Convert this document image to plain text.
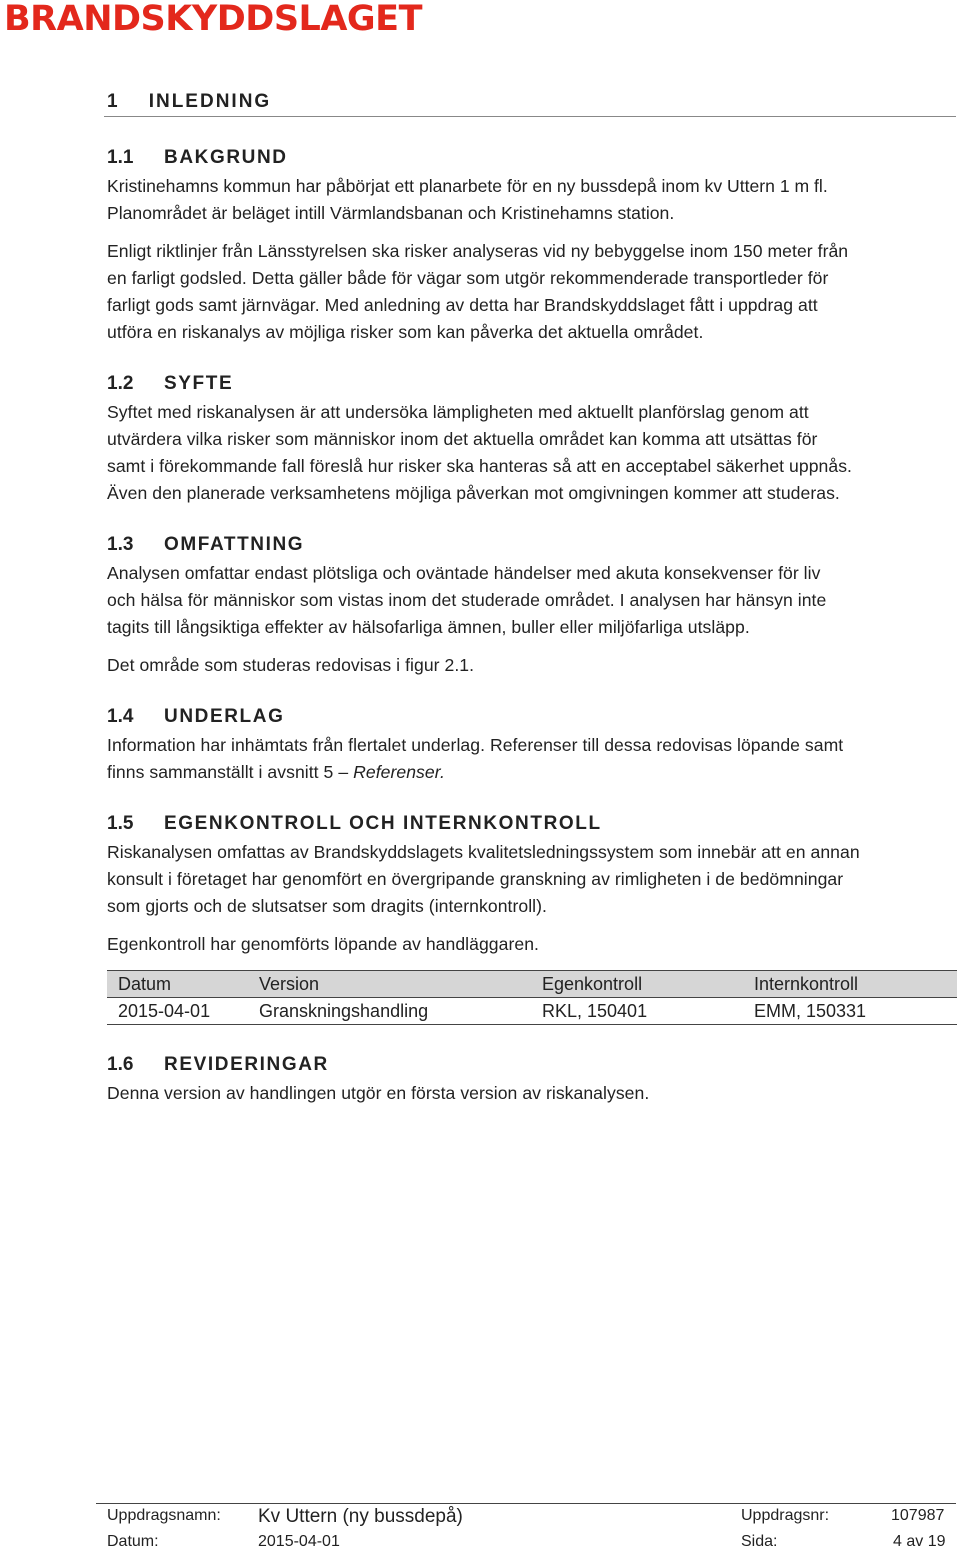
BRANDSKYDDSLAGET
1 INLEDNING
1.1 BAKGRUND
Kristinehamns kommun har påbörjat ett planarbete för en ny bussdepå inom kv Uttern 1 m fl.
Planområdet är beläget intill Värmlandsbanan och Kristinehamns station.
Enligt riktlinjer från Länsstyrelsen ska risker analyseras vid ny bebyggelse inom 150 meter från
en farligt godsled. Detta gäller både för vägar som utgör rekommenderade transportleder för
farligt gods samt järnvägar. Med anledning av detta har Brandskyddslaget fått i uppdrag att
utföra en riskanalys av möjliga risker som kan påverka det aktuella området.
1.2 SYFTE
Syftet med riskanalysen är att undersöka lämpligheten med aktuellt planförslag genom att
utvärdera vilka risker som människor inom det aktuella området kan komma att utsättas för
samt i förekommande fall föreslå hur risker ska hanteras så att en acceptabel säkerhet uppnås.
Även den planerade verksamhetens möjliga påverkan mot omgivningen kommer att studeras.
1.3 OMFATTNING
Analysen omfattar endast plötsliga och oväntade händelser med akuta konsekvenser för liv
och hälsa för människor som vistas inom det studerade området. I analysen har hänsyn inte
tagits till långsiktiga effekter av hälsofarliga ämnen, buller eller miljöfarliga utsläpp.
Det område som studeras redovisas i figur 2.1.
1.4 UNDERLAG
Information har inhämtats från flertalet underlag. Referenser till dessa redovisas löpande samt
finns sammanställt i avsnitt 5 – Referenser.
1.5 EGENKONTROLL OCH INTERNKONTROLL
Riskanalysen omfattas av Brandskyddslagets kvalitetsledningssystem som innebär att en annan
konsult i företaget har genomfört en övergripande granskning av rimligheten i de bedömningar
som gjorts och de slutsatser som dragits (internkontroll).
Egenkontroll har genomförts löpande av handläggaren.
Datum	Version	Egenkontroll	Internkontroll
2015-04-01	Granskningshandling	RKL, 150401	EMM, 150331
1.6 REVIDERINGAR
Denna version av handlingen utgör en första version av riskanalysen.
Uppdragsnamn: Kv Uttern (ny bussdepå)	Uppdragsnr:	107987
Datum:	2015-04-01	Sida:	4 av 19
